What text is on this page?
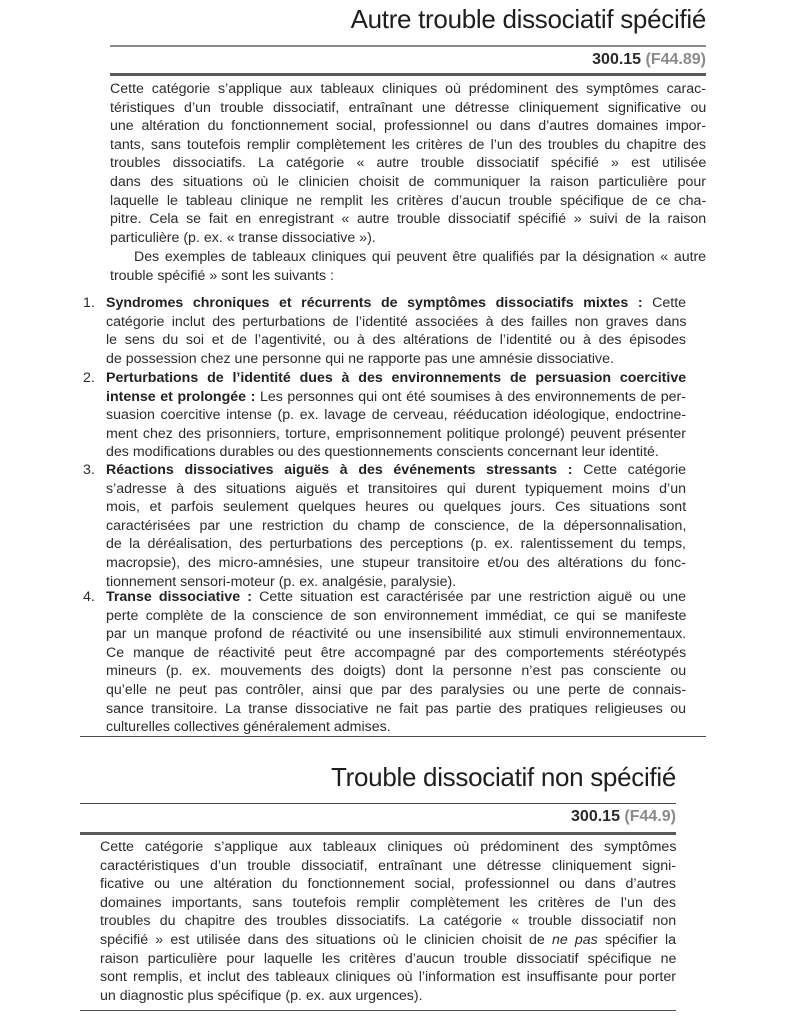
Autre trouble dissociatif spécifié
300.15 (F44.89)
Cette catégorie s’applique aux tableaux cliniques où prédominent des symptômes carac-
téristiques d’un trouble dissociatif, entraînant une détresse cliniquement significative ou
une altération du fonctionnement social, professionnel ou dans d’autres domaines impor-
tants, sans toutefois remplir complètement les critères de l’un des troubles du chapitre des
troubles dissociatifs. La catégorie « autre trouble dissociatif spécifié » est utilisée
dans des situations où le clinicien choisit de communiquer la raison particulière pour
laquelle le tableau clinique ne remplit les critères d’aucun trouble spécifique de ce cha-
pitre. Cela se fait en enregistrant « autre trouble dissociatif spécifié » suivi de la raison
particulière (p. ex. « transe dissociative »).
Des exemples de tableaux cliniques qui peuvent être qualifiés par la désignation « autre
trouble spécifié » sont les suivants :
1. Syndromes chroniques et récurrents de symptômes dissociatifs mixtes : Cette
catégorie inclut des perturbations de l’identité associées à des failles non graves dans
le sens du soi et de l’agentivité, ou à des altérations de l’identité ou à des épisodes
de possession chez une personne qui ne rapporte pas une amnésie dissociative.
2. Perturbations de l’identité dues à des environnements de persuasion coercitive
intense et prolongée : Les personnes qui ont été soumises à des environnements de per-
suasion coercitive intense (p. ex. lavage de cerveau, rééducation idéologique, endoctrine-
ment chez des prisonniers, torture, emprisonnement politique prolongé) peuvent présenter
des modifications durables ou des questionnements conscients concernant leur identité.
3. Réactions dissociatives aiguës à des événements stressants : Cette catégorie
s’adresse à des situations aiguës et transitoires qui durent typiquement moins d’un
mois, et parfois seulement quelques heures ou quelques jours. Ces situations sont
caractérisées par une restriction du champ de conscience, de la dépersonnalisation,
de la déréalisation, des perturbations des perceptions (p. ex. ralentissement du temps,
macropsie), des micro-amnésies, une stupeur transitoire et/ou des altérations du fonc-
tionnement sensori-moteur (p. ex. analgésie, paralysie).
4. Transe dissociative : Cette situation est caractérisée par une restriction aiguë ou une
perte complète de la conscience de son environnement immédiat, ce qui se manifeste
par un manque profond de réactivité ou une insensibilité aux stimuli environnementaux.
Ce manque de réactivité peut être accompagné par des comportements stéréotypés
mineurs (p. ex. mouvements des doigts) dont la personne n’est pas consciente ou
qu’elle ne peut pas contrôler, ainsi que par des paralysies ou une perte de connais-
sance transitoire. La transe dissociative ne fait pas partie des pratiques religieuses ou
culturelles collectives généralement admises.
Trouble dissociatif non spécifié
300.15 (F44.9)
Cette catégorie s’applique aux tableaux cliniques où prédominent des symptômes
caractéristiques d’un trouble dissociatif, entraînant une détresse cliniquement signi-
ficative ou une altération du fonctionnement social, professionnel ou dans d’autres
domaines importants, sans toutefois remplir complètement les critères de l’un des
troubles du chapitre des troubles dissociatifs. La catégorie « trouble dissociatif non
spécifié » est utilisée dans des situations où le clinicien choisit de ne pas spécifier la
raison particulière pour laquelle les critères d’aucun trouble dissociatif spécifique ne
sont remplis, et inclut des tableaux cliniques où l’information est insuffisante pour porter
un diagnostic plus spécifique (p. ex. aux urgences).
